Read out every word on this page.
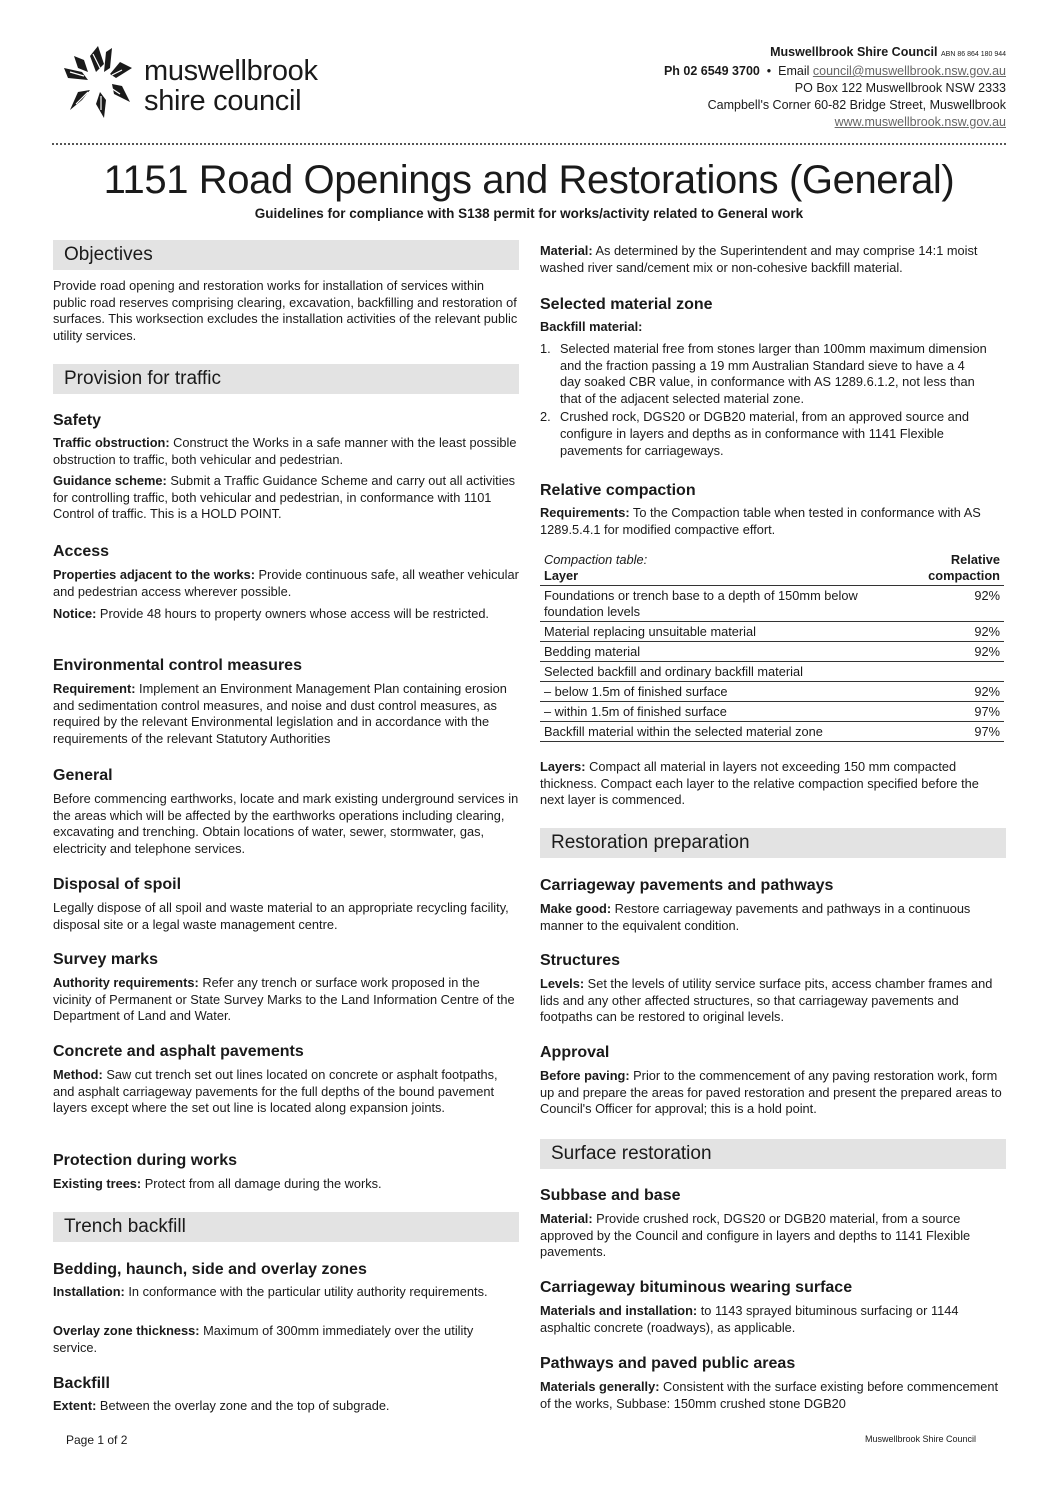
muswellbrook
shire council
Muswellbrook Shire Council ABN 86 864 180 944
Ph 02 6549 3700  •  Email council@muswellbrook.nsw.gov.au
PO Box 122 Muswellbrook NSW 2333
Campbell's Corner 60-82 Bridge Street, Muswellbrook
www.muswellbrook.nsw.gov.au
1151 Road Openings and Restorations (General)
Guidelines for compliance with S138 permit for works/activity related to General work
Objectives
Provide road opening and restoration works for installation of services within public road reserves comprising clearing, excavation, backfilling and restoration of surfaces. This worksection excludes the installation activities of the relevant public utility services.
Provision for traffic
Safety
Traffic obstruction: Construct the Works in a safe manner with the least possible obstruction to traffic, both vehicular and pedestrian.
Guidance scheme: Submit a Traffic Guidance Scheme and carry out all activities for controlling traffic, both vehicular and pedestrian, in conformance with 1101 Control of traffic. This is a HOLD POINT.
Access
Properties adjacent to the works: Provide continuous safe, all weather vehicular and pedestrian access wherever possible.
Notice: Provide 48 hours to property owners whose access will be restricted.
Environmental control measures
Requirement: Implement an Environment Management Plan containing erosion and sedimentation control measures, and noise and dust control measures, as required by the relevant Environmental legislation and in accordance with the requirements of the relevant Statutory Authorities
General
Before commencing earthworks, locate and mark existing underground services in the areas which will be affected by the earthworks operations including clearing, excavating and trenching. Obtain locations of water, sewer, stormwater, gas, electricity and telephone services.
Disposal of spoil
Legally dispose of all spoil and waste material to an appropriate recycling facility, disposal site or a legal waste management centre.
Survey marks
Authority requirements: Refer any trench or surface work proposed in the vicinity of Permanent or State Survey Marks to the Land Information Centre of the Department of Land and Water.
Concrete and asphalt pavements
Method: Saw cut trench set out lines located on concrete or asphalt footpaths, and asphalt carriageway pavements for the full depths of the bound pavement layers except where the set out line is located along expansion joints.
Protection during works
Existing trees: Protect from all damage during the works.
Trench backfill
Bedding, haunch, side and overlay zones
Installation: In conformance with the particular utility authority requirements.
Overlay zone thickness: Maximum of 300mm immediately over the utility service.
Backfill
Extent: Between the overlay zone and the top of subgrade.
Material: As determined by the Superintendent and may comprise 14:1 moist washed river sand/cement mix or non-cohesive backfill material.
Selected material zone
Backfill material:
1. Selected material free from stones larger than 100mm maximum dimension and the fraction passing a 19 mm Australian Standard sieve to have a 4 day soaked CBR value, in conformance with AS 1289.6.1.2, not less than that of the adjacent selected material zone.
2. Crushed rock, DGS20 or DGB20 material, from an approved source and configure in layers and depths as in conformance with 1141 Flexible pavements for carriageways.
Relative compaction
Requirements: To the Compaction table when tested in conformance with AS 1289.5.4.1 for modified compactive effort.
Compaction table:
Layer	Relative
compaction
Foundations or trench base to a depth of 150mm below foundation levels	92%
Material replacing unsuitable material	92%
Bedding material	92%
Selected backfill and ordinary backfill material	
– below 1.5m of finished surface	92%
– within 1.5m of finished surface	97%
Backfill material within the selected material zone	97%
Layers: Compact all material in layers not exceeding 150 mm compacted thickness. Compact each layer to the relative compaction specified before the next layer is commenced.
Restoration preparation
Carriageway pavements and pathways
Make good: Restore carriageway pavements and pathways in a continuous manner to the equivalent condition.
Structures
Levels: Set the levels of utility service surface pits, access chamber frames and lids and any other affected structures, so that carriageway pavements and footpaths can be restored to original levels.
Approval
Before paving: Prior to the commencement of any paving restoration work, form up and prepare the areas for paved restoration and present the prepared areas to Council's Officer for approval; this is a hold point.
Surface restoration
Subbase and base
Material: Provide crushed rock, DGS20 or DGB20 material, from a source approved by the Council and configure in layers and depths to 1141 Flexible pavements.
Carriageway bituminous wearing surface
Materials and installation: to 1143 sprayed bituminous surfacing or 1144 asphaltic concrete (roadways), as applicable.
Pathways and paved public areas
Materials generally: Consistent with the surface existing before commencement of the works, Subbase: 150mm crushed stone DGB20
Page 1 of 2	Muswellbrook Shire Council
